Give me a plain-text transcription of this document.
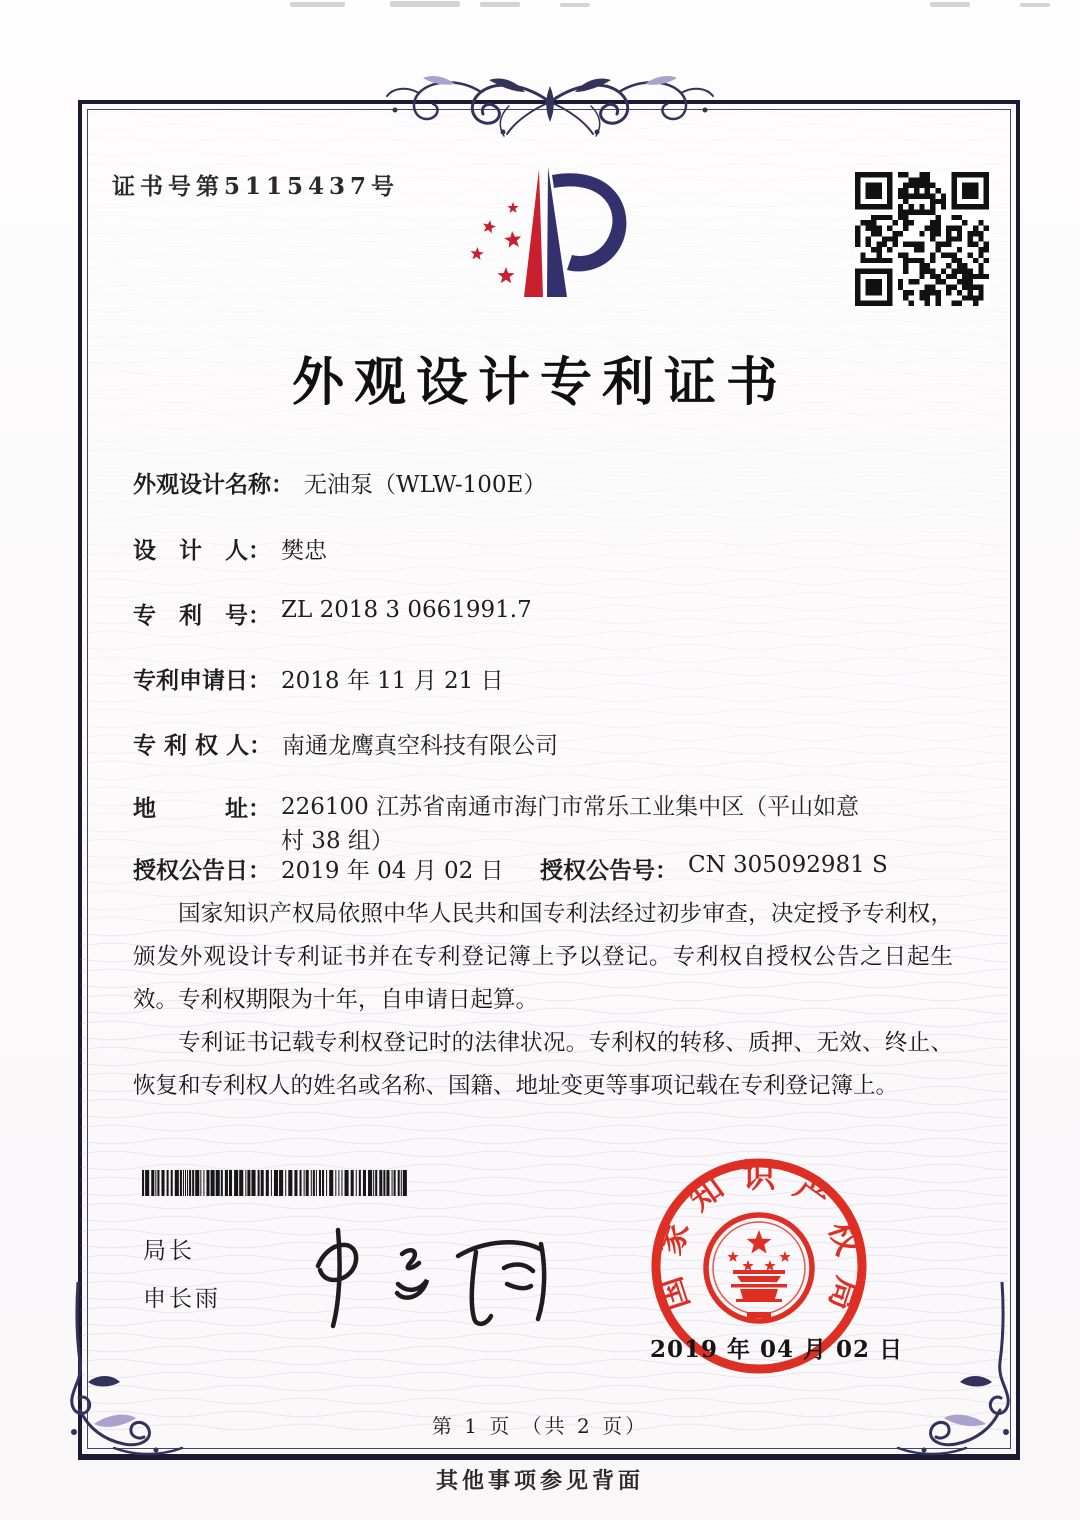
证书号第5115437号
外观设计专利证书
外观设计名称： 无油泵（WLW-100E）
设　计　人： 樊忠
专　利　号： ZL 2018 3 0661991.7
专利申请日： 2018 年 11 月 21 日
专 利 权 人： 南通龙鹰真空科技有限公司
地　　　址： 226100 江苏省南通市海门市常乐工业集中区（平山如意
村 38 组）
授权公告日： 2019 年 04 月 02 日 授权公告号： CN 305092981 S

国家知识产权局依照中华人民共和国专利法经过初步审查，决定授予专利权，颁发外观设计专利证书并在专利登记簿上予以登记。专利权自授权公告之日起生效。专利权期限为十年，自申请日起算。

专利证书记载专利权登记时的法律状况。专利权的转移、质押、无效、终止、恢复和专利权人的姓名或名称、国籍、地址变更等事项记载在专利登记簿上。

局长
申长雨	国
家
知 识 产
权
局
2019 年 04 月 02 日
第 1 页 （共 2 页）
其他事项参见背面
